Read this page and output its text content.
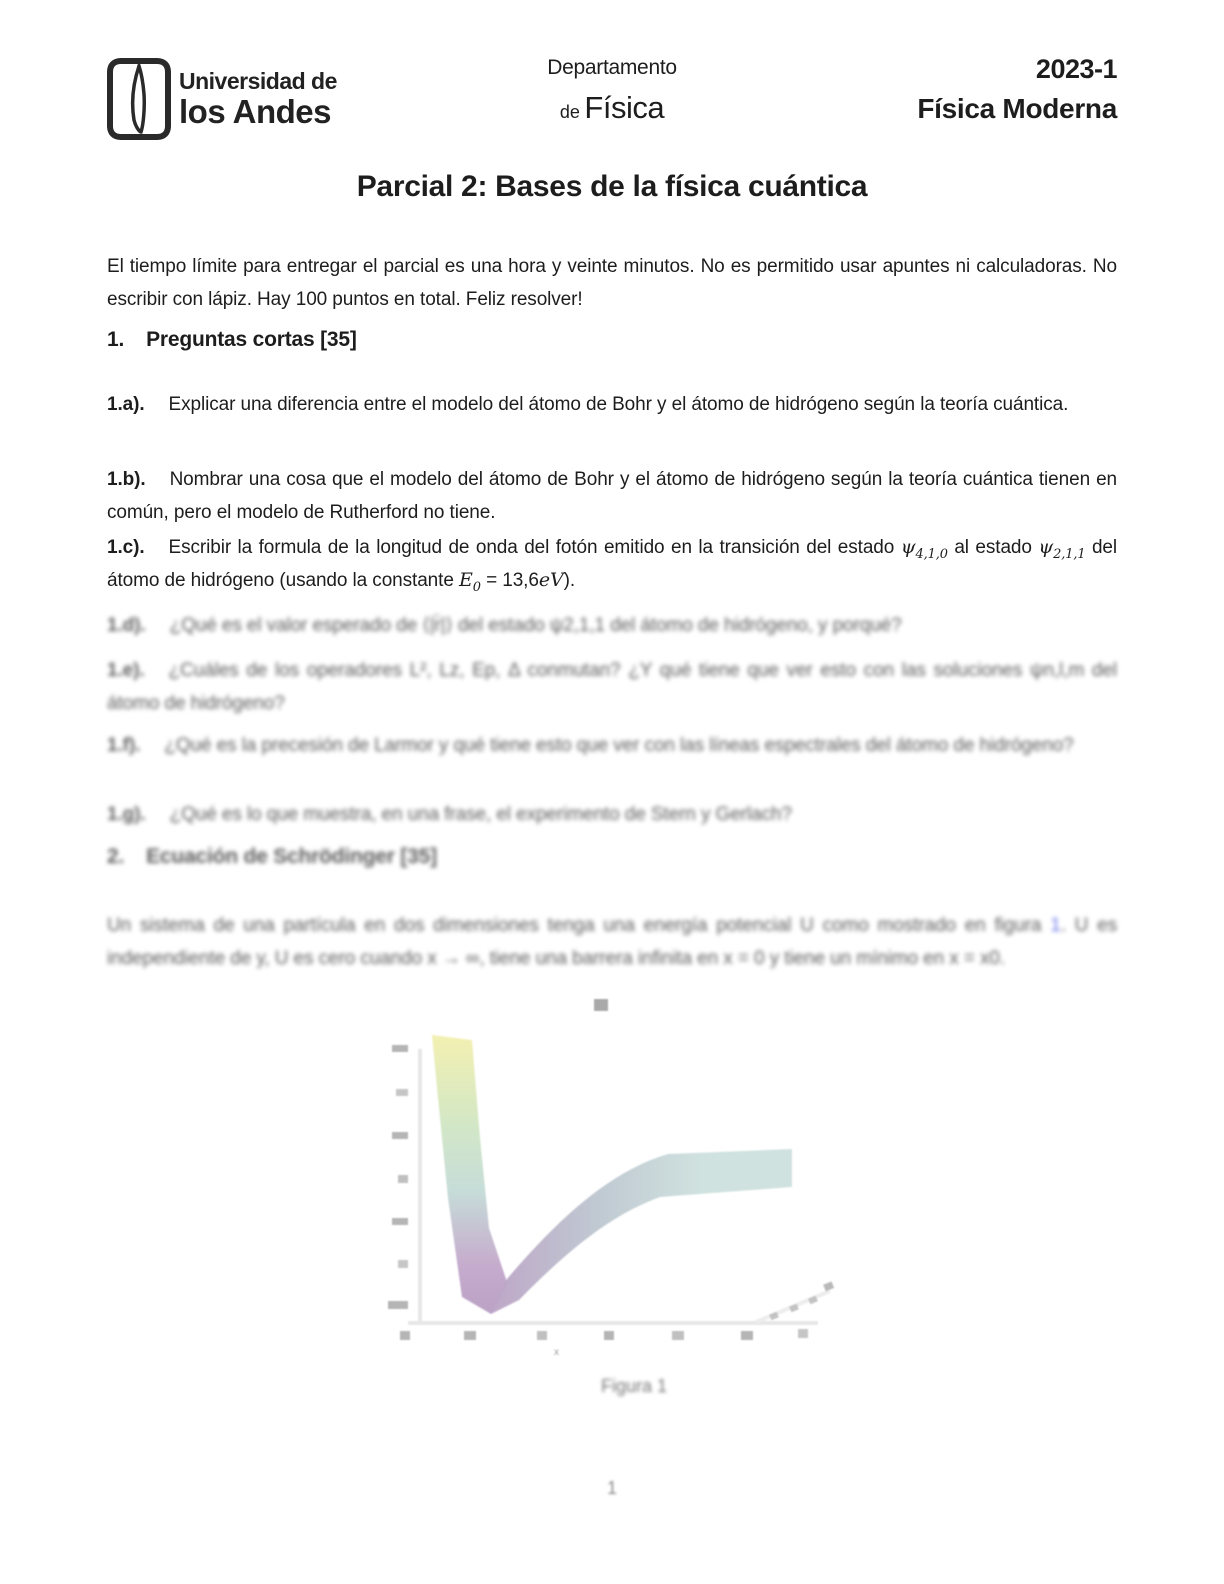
Universidad de
los Andes
Departamento
de Física
2023-1
Física Moderna
Parcial 2: Bases de la física cuántica

El tiempo límite para entregar el parcial es una hora y veinte minutos. No es permitido usar apuntes ni calculadoras. No escribir con lápiz. Hay 100 puntos en total. Feliz resolver!

1. Preguntas cortas [35]

1.a). Explicar una diferencia entre el modelo del átomo de Bohr y el átomo de hidrógeno según la teoría cuántica.

1.b). Nombrar una cosa que el modelo del átomo de Bohr y el átomo de hidrógeno según la teoría cuántica tienen en común, pero el modelo de Rutherford no tiene.

1.c). Escribir la formula de la longitud de onda del fotón emitido en la transición del estado $\psi_{4,1,0}$ al estado $\psi_{2,1,1}$ del átomo de hidrógeno (usando la constante $E_0 = 13,6eV$).

1.d). ¿Qué es el valor esperado de ⟨|r̄|⟩ del estado ψ2,1,1 del átomo de hidrógeno, y porqué?

1.e). ¿Cuáles de los operadores L², Lz, Ep, Δ conmutan? ¿Y qué tiene que ver esto con las soluciones ψn,l,m del átomo de hidrógeno?

1.f). ¿Qué es la precesión de Larmor y qué tiene esto que ver con las líneas espectrales del átomo de hidrógeno?

1.g). ¿Qué es lo que muestra, en una frase, el experimento de Stern y Gerlach?

2. Ecuación de Schrödinger [35]

Un sistema de una partícula en dos dimensiones tenga una energía potencial U como mostrado en figura 1. U es independiente de y, U es cero cuando x → ∞, tiene una barrera infinita en x = 0 y tiene un mínimo en x = x0.

x
Figura 1
1
